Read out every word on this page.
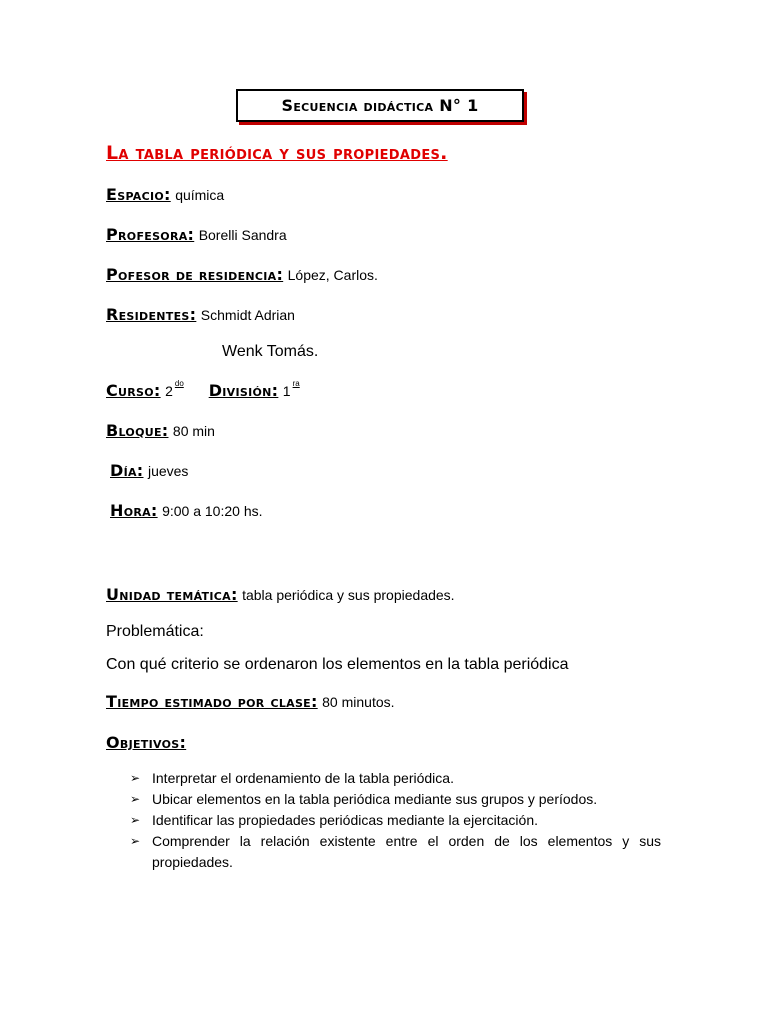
Secuencia didáctica N° 1
La tabla periódica y sus propiedades.
Espacio: química
Profesora: Borelli Sandra
Pofesor de residencia: López, Carlos.
Residentes: Schmidt Adrian
Wenk Tomás.
Curso: 2 $^{do}$ División: 1 $^{ra}$
Bloque: 80 min
Día: jueves
Hora: 9:00 a 10:20 hs.
Unidad temática: tabla periódica y sus propiedades.
Problemática:
Con qué criterio se ordenaron los elementos en la tabla periódica
Tiempo estimado por clase: 80 minutos.
Objetivos:
➢ Interpretar el ordenamiento de la tabla periódica.
➢ Ubicar elementos en la tabla periódica mediante sus grupos y períodos.
➢ Identificar las propiedades periódicas mediante la ejercitación.
➢ Comprender la relación existente entre el orden de los elementos y sus propiedades.
